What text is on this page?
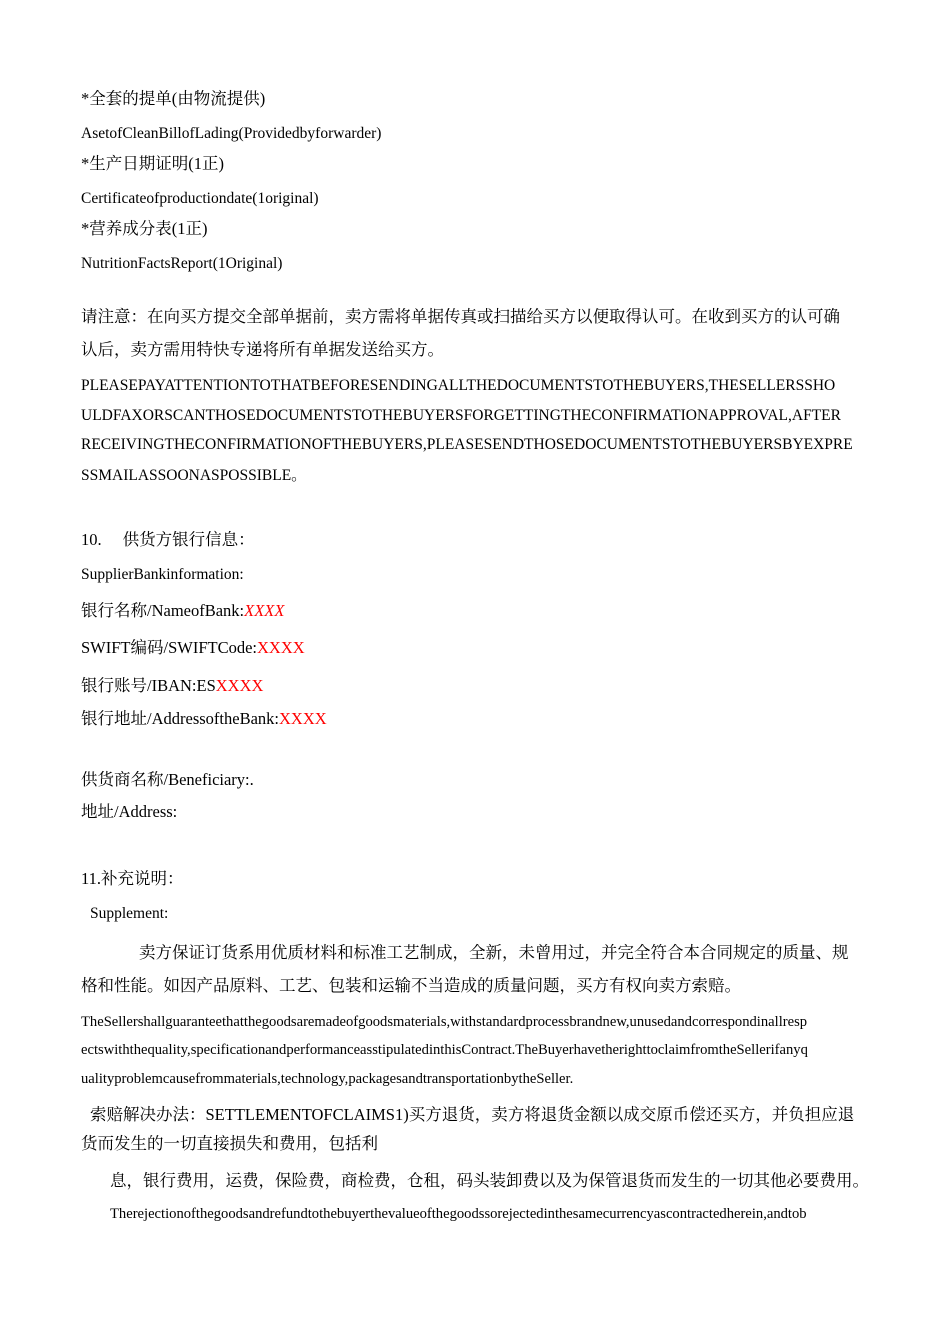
*全套的提单(由物流提供)
AsetofCleanBillofLading(Providedbyforwarder)
*生产日期证明(1正)
Certificateofproductiondate(1original)
*营养成分表(1正)
NutritionFactsReport(1Original)
请注意：在向买方提交全部单据前，卖方需将单据传真或扫描给买方以便取得认可。在收到买方的认可确
认后，卖方需用特快专递将所有单据发送给买方。
PLEASEPAYATTENTIONTOTHATBEFORESENDINGALLTHEDOCUMENTSTOTHEBUYERS,THESELLERSSHO
ULDFAXORSCANTHOSEDOCUMENTSTOTHEBUYERSFORGETTINGTHECONFIRMATIONAPPROVAL,AFTER
RECEIVINGTHECONFIRMATIONOFTHEBUYERS,PLEASESENDTHOSEDOCUMENTSTOTHEBUYERSBYEXPRE
SSMAILASSOONASPOSSIBLE。
10. 供货方银行信息：
SupplierBankinformation:
银行名称/NameofBank:XXXX
SWIFT编码/SWIFTCode:XXXX
银行账号/IBAN:ESXXXX
银行地址/AddressoftheBank:XXXX
供货商名称/Beneficiary:.
地址/Address:
11.补充说明：
Supplement:
卖方保证订货系用优质材料和标准工艺制成，全新，未曾用过，并完全符合本合同规定的质量、规
格和性能。如因产品原料、工艺、包装和运输不当造成的质量问题，买方有权向卖方索赔。
TheSellershallguaranteethatthegoodsaremadeofgoodsmaterials,withstandardprocessbrandnew,unusedandcorrespondinallresp
ectswiththequality,specificationandperformanceasstipulatedinthisContract.TheBuyerhavetherighttoclaimfromtheSellerifanyq
ualityproblemcausefrommaterials,technology,packagesandtransportationbytheSeller.
索赔解决办法：SETTLEMENTOFCLAIMS1)买方退货，卖方将退货金额以成交原币偿还买方，并负担应退
货而发生的一切直接损失和费用，包括利
息，银行费用，运费，保险费，商检费，仓租，码头装卸费以及为保管退货而发生的一切其他必要费用。
Therejectionofthegoodsandrefundtothebuyerthevalueofthegoodssorejectedinthesamecurrencyascontractedherein,andtob
